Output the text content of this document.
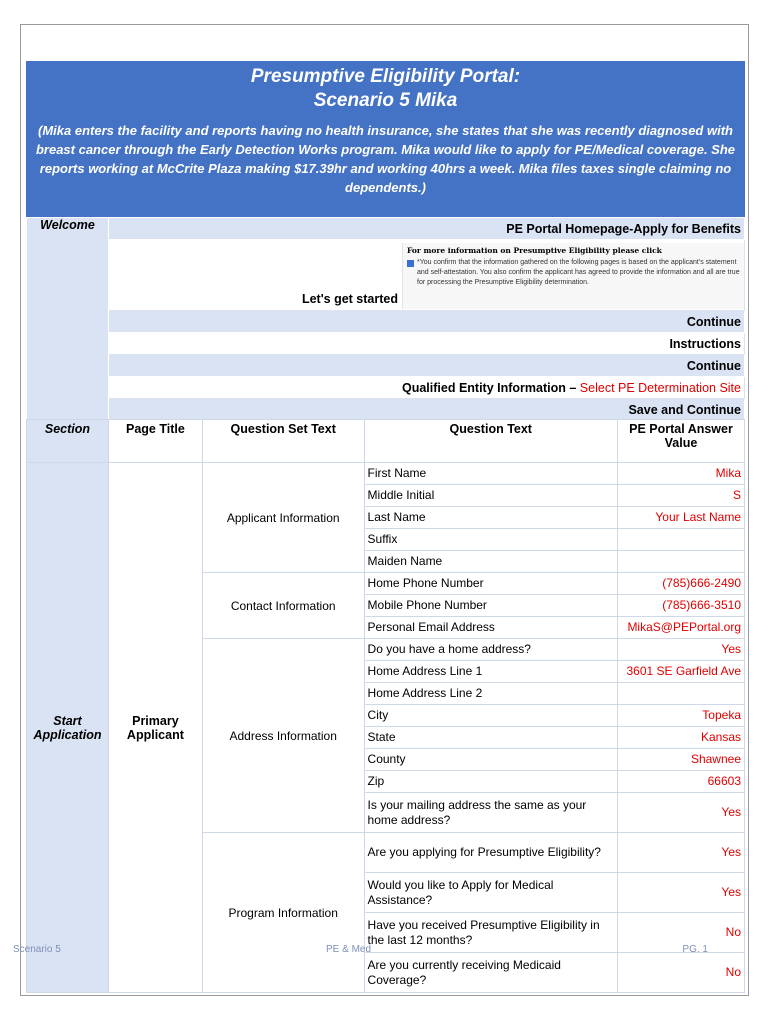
Presumptive Eligibility Portal:
Scenario 5 Mika
(Mika enters the facility and reports having no health insurance, she states that she was recently diagnosed with breast cancer through the Early Detection Works program. Mika would like to apply for PE/Medical coverage. She reports working at McCrite Plaza making $17.39hr and working 40hrs a week. Mika files taxes single claiming no dependents.)
Welcome	PE Portal Homepage-Apply for Benefits

Let's get started
For more information on Presumptive Eligibility please click
*You confirm that the information gathered on the following pages is based on the applicant's statement and self-attestation. You also confirm the applicant has agreed to provide the information and all are true for processing the Presumptive Eligibility determination.

Continue
Instructions
Continue
Qualified Entity Information – Select PE Determination Site
Save and Continue
Section	Page Title	Question Set Text	Question Text	PE Portal Answer Value
Start Application	Primary Applicant	Applicant Information	First Name	Mika
			Middle Initial	S
			Last Name	Your Last Name
			Suffix	
			Maiden Name	
		Contact Information	Home Phone Number	(785)666-2490
			Mobile Phone Number	(785)666-3510
			Personal Email Address	MikaS@PEPortal.org
		Address Information	Do you have a home address?	Yes
			Home Address Line 1	3601 SE Garfield Ave
			Home Address Line 2	
			City	Topeka
			State	Kansas
			County	Shawnee
			Zip	66603
			Is your mailing address the same as your home address?	Yes
		Program Information	Are you applying for Presumptive Eligibility?	Yes
			Would you like to Apply for Medical Assistance?	Yes
			Have you received Presumptive Eligibility in the last 12 months?	No
			Are you currently receiving Medicaid Coverage?	No
Scenario 5	PE & Med	PG. 1
